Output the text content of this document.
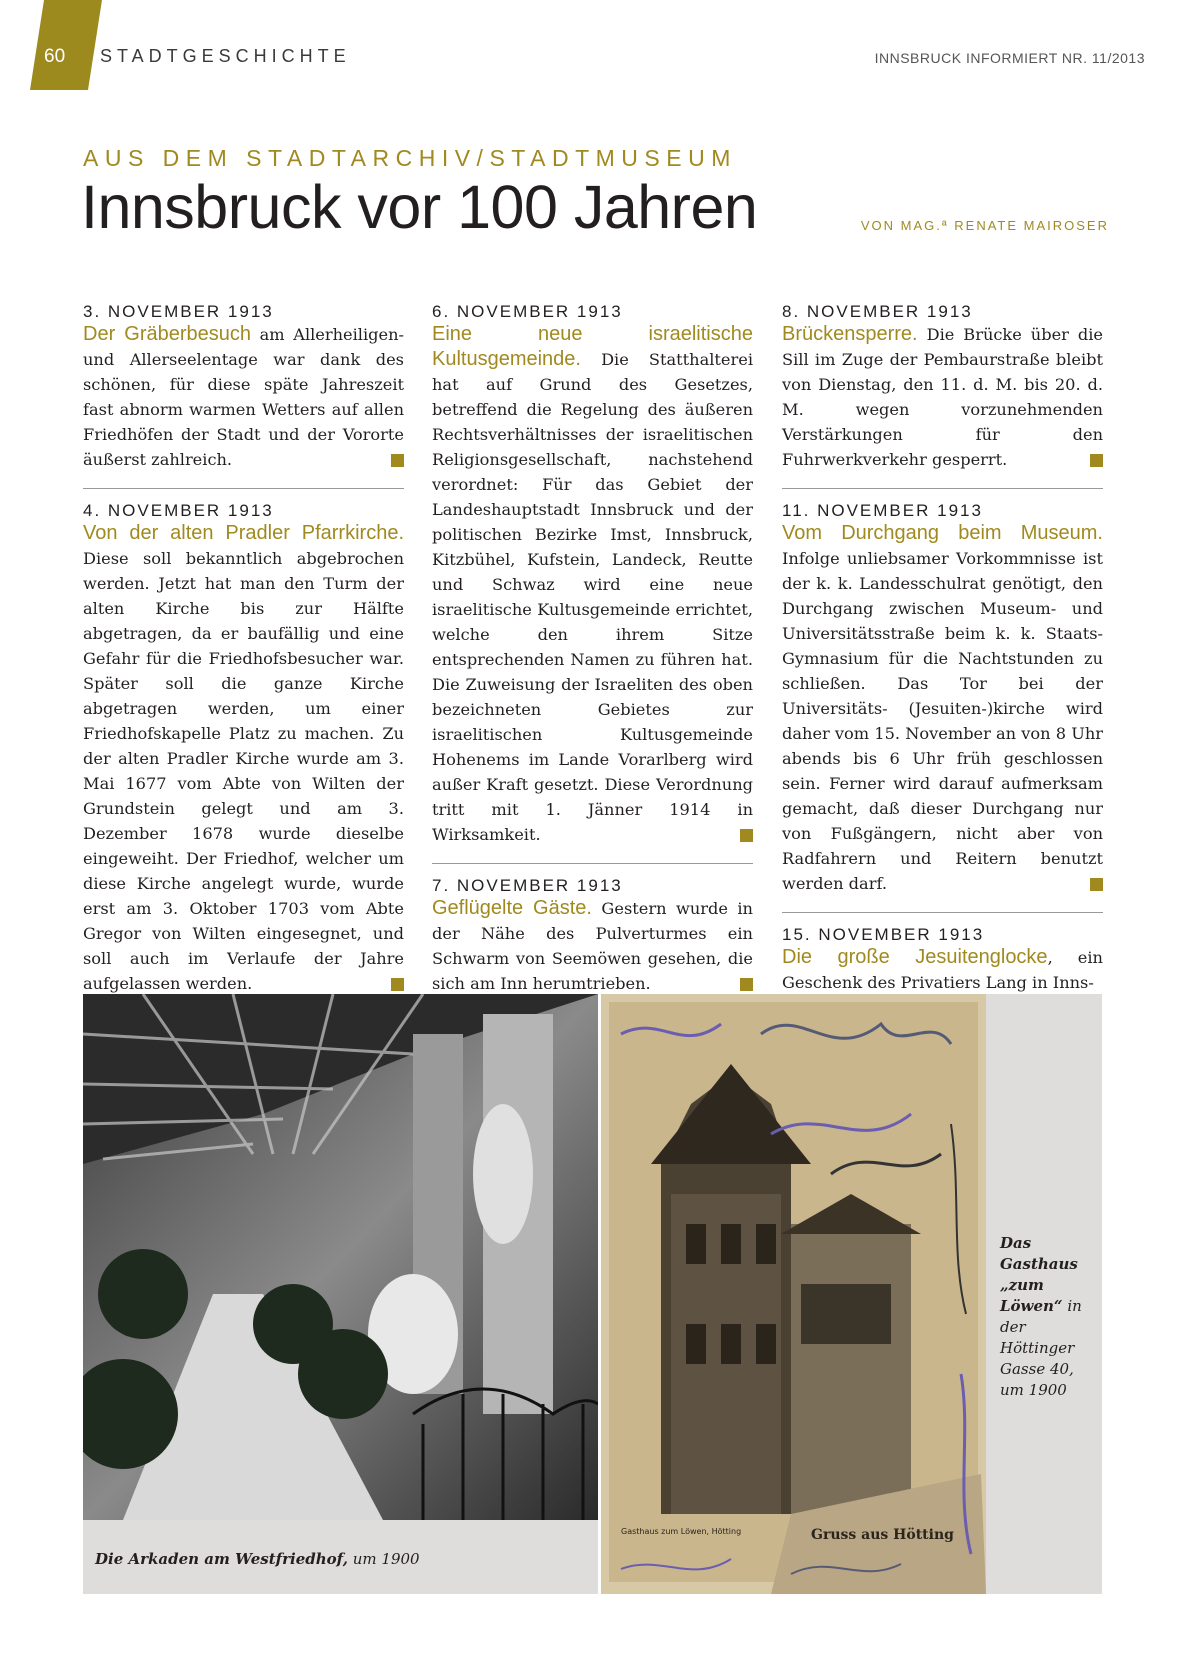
60 STADTGESCHICHTE	INNSBRUCK INFORMIERT NR. 11/2013
AUS DEM STADTARCHIV/STADTMUSEUM
Innsbruck vor 100 Jahren	VON MAG.ª RENATE MAIROSER
3. NOVEMBER 1913
Der Gräberbesuch am Allerheiligen- und Allerseelentage war dank des schönen, für diese späte Jahreszeit fast abnorm warmen Wetters auf allen Friedhöfen der Stadt und der Vororte äußerst zahlreich.
4. NOVEMBER 1913
Von der alten Pradler Pfarrkirche. Diese soll bekanntlich abgebrochen werden. Jetzt hat man den Turm der alten Kirche bis zur Hälfte abgetragen, da er baufällig und eine Gefahr für die Friedhofsbesucher war. Später soll die ganze Kirche abgetragen werden, um einer Friedhofskapelle Platz zu machen. Zu der alten Pradler Kirche wurde am 3. Mai 1677 vom Abte von Wilten der Grundstein gelegt und am 3. Dezember 1678 wurde dieselbe eingeweiht. Der Friedhof, welcher um diese Kirche angelegt wurde, wurde erst am 3. Oktober 1703 vom Abte Gregor von Wilten eingesegnet, und soll auch im Verlaufe der Jahre aufgelassen werden.
6. NOVEMBER 1913
Eine neue israelitische Kultusgemeinde. Die Statthalterei hat auf Grund des Gesetzes, betreffend die Regelung des äußeren Rechtsverhältnisses der israelitischen Religionsgesellschaft, nachstehend verordnet: Für das Gebiet der Landeshauptstadt Innsbruck und der politischen Bezirke Imst, Innsbruck, Kitzbühel, Kufstein, Landeck, Reutte und Schwaz wird eine neue israelitische Kultusgemeinde errichtet, welche den ihrem Sitze entsprechenden Namen zu führen hat. Die Zuweisung der Israeliten des oben bezeichneten Gebietes zur israelitischen Kultusgemeinde Hohenems im Lande Vorarlberg wird außer Kraft gesetzt. Diese Verordnung tritt mit 1. Jänner 1914 in Wirksamkeit.
7. NOVEMBER 1913
Geflügelte Gäste. Gestern wurde in der Nähe des Pulverturmes ein Schwarm von Seemöwen gesehen, die sich am Inn herumtrieben.
8. NOVEMBER 1913
Brückensperre. Die Brücke über die Sill im Zuge der Pembaurstraße bleibt von Dienstag, den 11. d. M. bis 20. d. M. wegen vorzunehmenden Verstärkungen für den Fuhrwerkverkehr gesperrt.
11. NOVEMBER 1913
Vom Durchgang beim Museum. Infolge unliebsamer Vorkommnisse ist der k. k. Landesschulrat genötigt, den Durchgang zwischen Museum- und Universitätsstraße beim k. k. Staats-Gymnasium für die Nachtstunden zu schließen. Das Tor bei der Universitäts- (Jesuiten-)kirche wird daher vom 15. November an von 8 Uhr abends bis 6 Uhr früh geschlossen sein. Ferner wird darauf aufmerksam gemacht, daß dieser Durchgang nur von Fußgängern, nicht aber von Radfahrern und Reitern benutzt werden darf.
15. NOVEMBER 1913
Die große Jesuitenglocke, ein Geschenk des Privatiers Lang in Inns-
Die Arkaden am Westfriedhof, um 1900
Gruss aus Hötting
Gasthaus zum Löwen, Hötting
Das Gasthaus „zum Löwen“ in der Höttinger Gasse 40, um 1900
